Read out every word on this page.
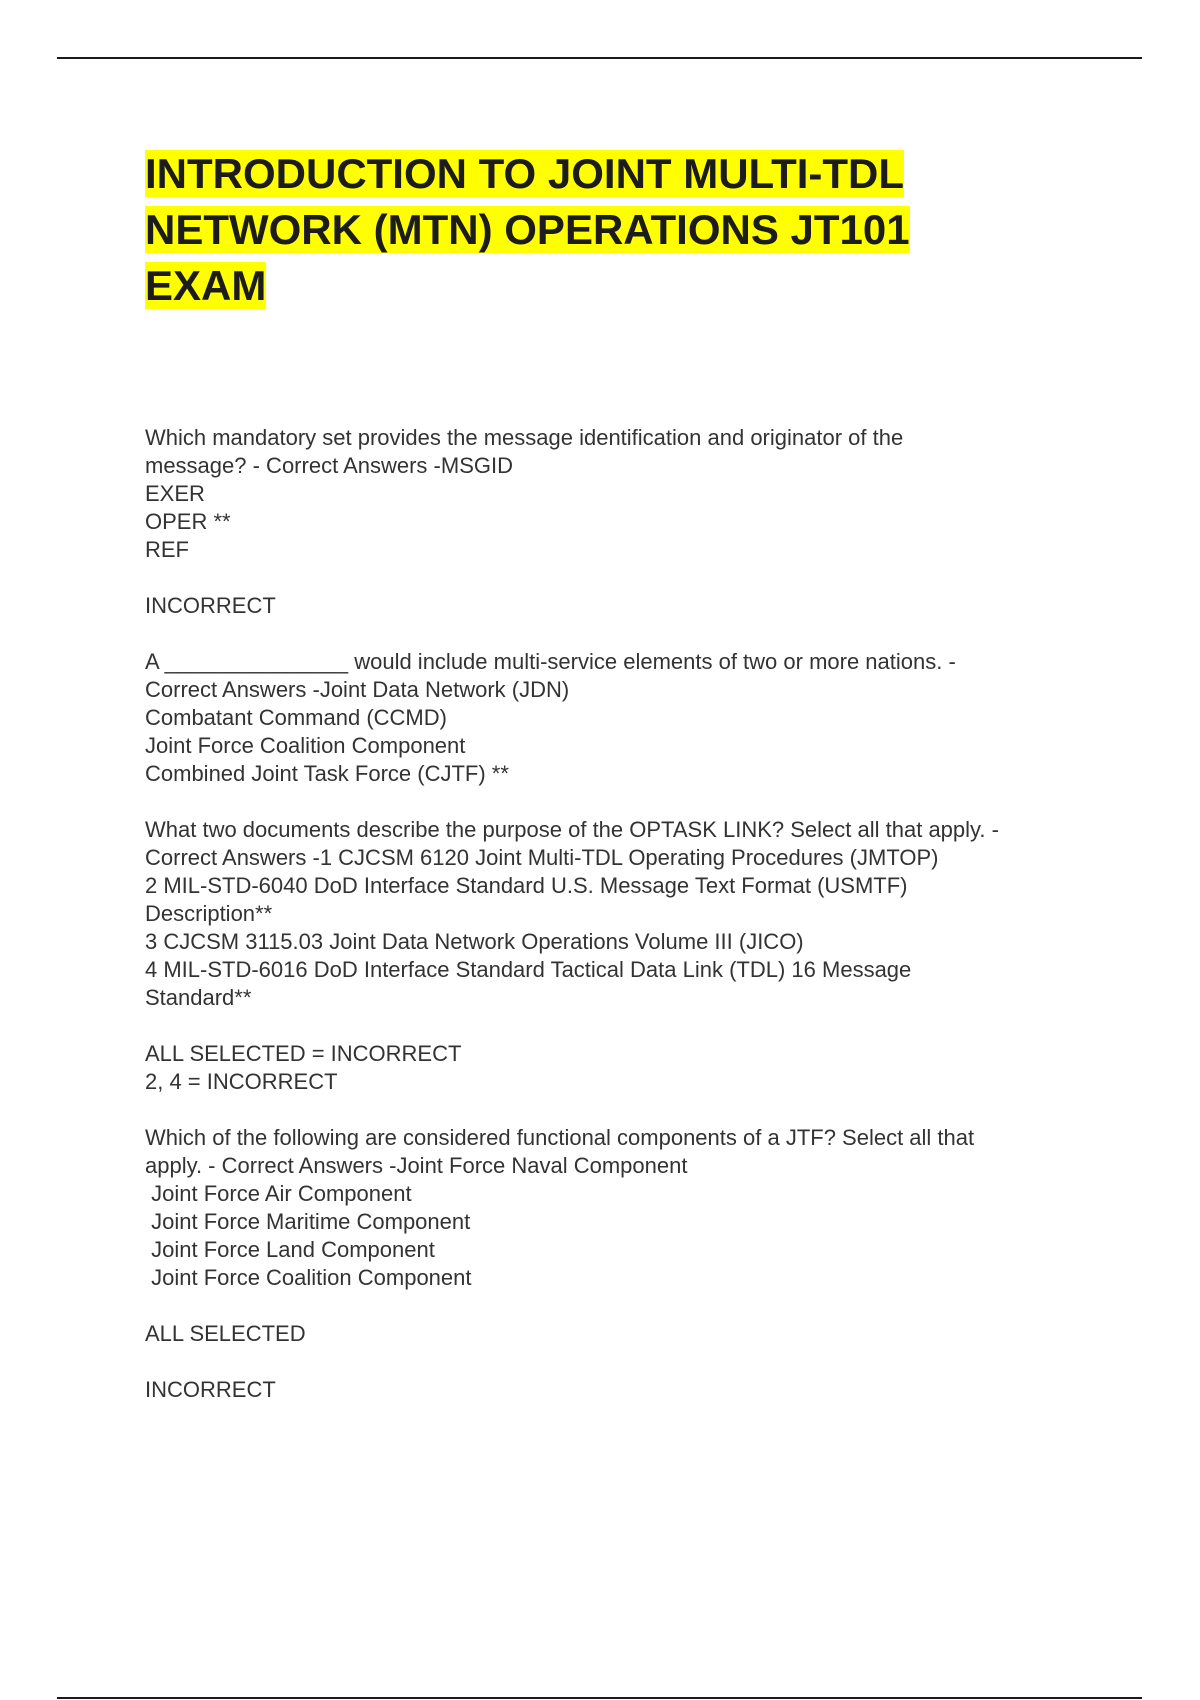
INTRODUCTION TO JOINT MULTI-TDL
NETWORK (MTN) OPERATIONS JT101
EXAM
Which mandatory set provides the message identification and originator of the
message? - Correct Answers -MSGID
EXER
OPER **
REF
INCORRECT
A _______________ would include multi-service elements of two or more nations. -
Correct Answers -Joint Data Network (JDN)
Combatant Command (CCMD)
Joint Force Coalition Component
Combined Joint Task Force (CJTF) **
What two documents describe the purpose of the OPTASK LINK? Select all that apply. -
Correct Answers -1 CJCSM 6120 Joint Multi-TDL Operating Procedures (JMTOP)
2 MIL-STD-6040 DoD Interface Standard U.S. Message Text Format (USMTF)
Description**
3 CJCSM 3115.03 Joint Data Network Operations Volume III (JICO)
4 MIL-STD-6016 DoD Interface Standard Tactical Data Link (TDL) 16 Message
Standard**
ALL SELECTED = INCORRECT
2, 4 = INCORRECT
Which of the following are considered functional components of a JTF? Select all that
apply. - Correct Answers -Joint Force Naval Component
Joint Force Air Component
Joint Force Maritime Component
Joint Force Land Component
Joint Force Coalition Component
ALL SELECTED
INCORRECT
